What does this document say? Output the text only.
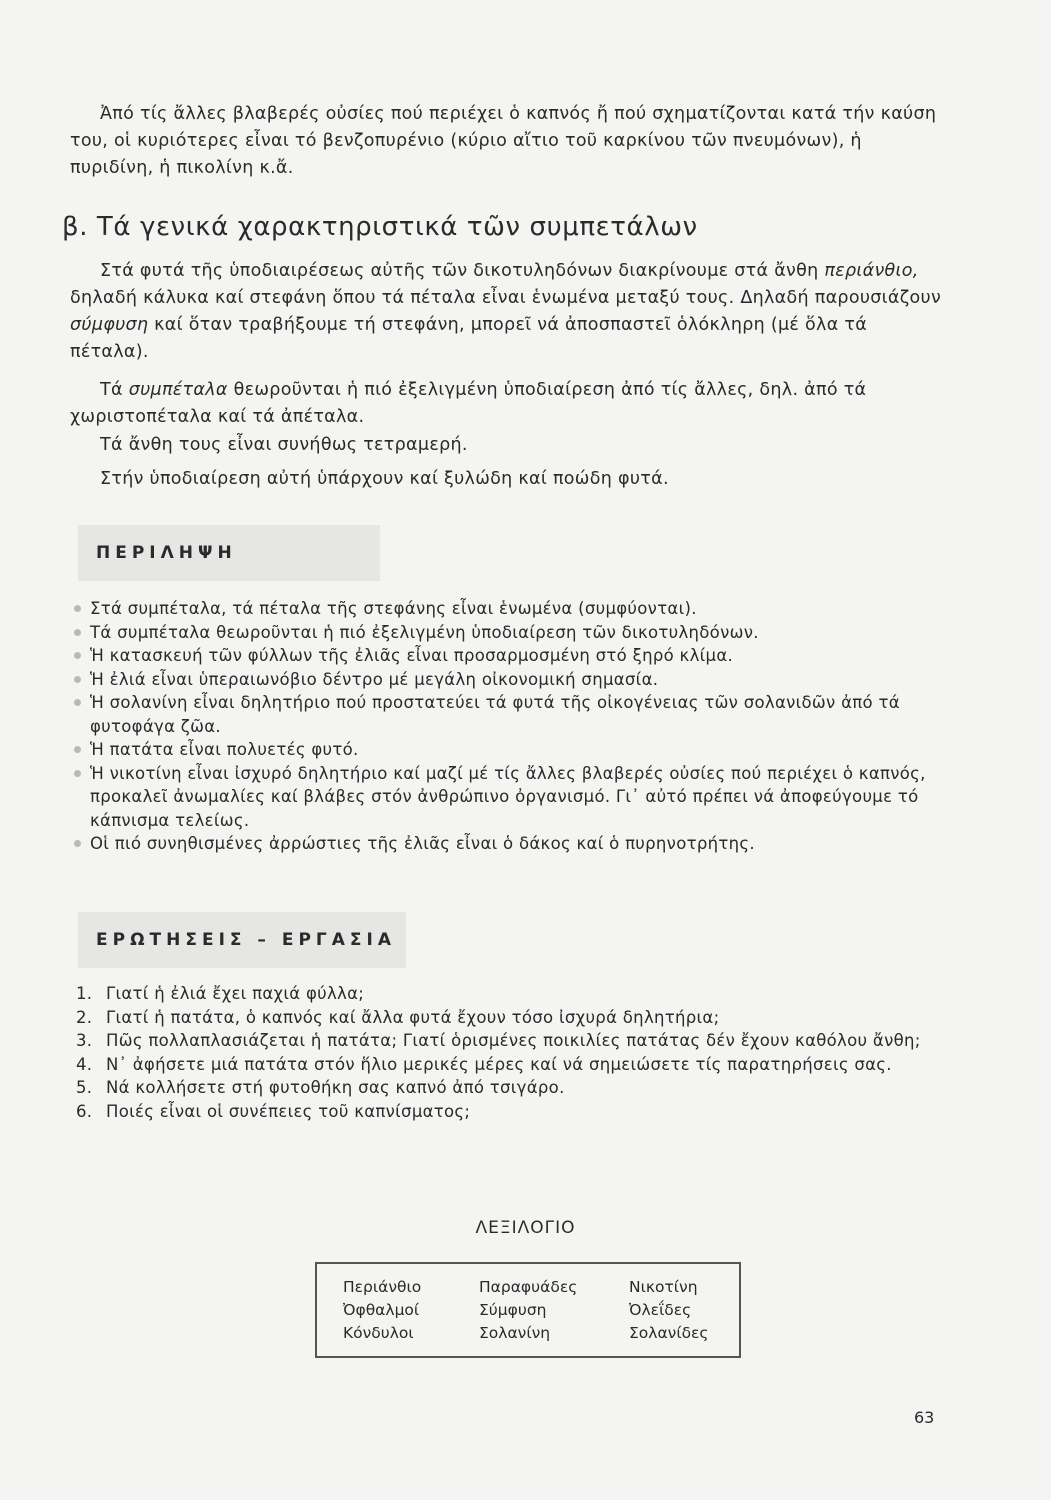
Ἀπό τίς ἄλλες βλαβερές οὐσίες πού περιέχει ὁ καπνός ἤ πού σχηματίζονται κατά τήν καύση του, οἱ κυριότερες εἶναι τό βενζοπυρένιο (κύριο αἴτιο τοῦ καρκίνου τῶν πνευμόνων), ἡ πυριδίνη, ἡ πικολίνη κ.ἄ.

β. Τά γενικά χαρακτηριστικά τῶν συμπετάλων

Στά φυτά τῆς ὑποδιαιρέσεως αὐτῆς τῶν δικοτυληδόνων διακρίνουμε στά ἄνθη περιάνθιο, δηλαδή κάλυκα καί στεφάνη ὅπου τά πέταλα εἶναι ἑνωμένα μεταξύ τους. Δηλαδή παρουσιάζουν σύμφυση καί ὅταν τραβήξουμε τή στεφάνη, μπορεῖ νά ἀποσπαστεῖ ὁλόκληρη (μέ ὅλα τά πέταλα).

Τά συμπέταλα θεωροῦνται ἡ πιό ἐξελιγμένη ὑποδιαίρεση ἀπό τίς ἄλλες, δηλ. ἀπό τά χωριστοπέταλα καί τά ἀπέταλα.

Τά ἄνθη τους εἶναι συνήθως τετραμερή.

Στήν ὑποδιαίρεση αὐτή ὑπάρχουν καί ξυλώδη καί ποώδη φυτά.

ΠΕΡΙΛΗΨΗ
Στά συμπέταλα, τά πέταλα τῆς στεφάνης εἶναι ἑνωμένα (συμφύονται).
Τά συμπέταλα θεωροῦνται ἡ πιό ἐξελιγμένη ὑποδιαίρεση τῶν δικοτυληδόνων.
Ἡ κατασκευή τῶν φύλλων τῆς ἐλιᾶς εἶναι προσαρμοσμένη στό ξηρό κλίμα.
Ἡ ἐλιά εἶναι ὑπεραιωνόβιο δέντρο μέ μεγάλη οἰκονομική σημασία.
Ἡ σολανίνη εἶναι δηλητήριο πού προστατεύει τά φυτά τῆς οἰκογένειας τῶν σολανιδῶν ἀπό τά φυτοφάγα ζῶα.
Ἡ πατάτα εἶναι πολυετές φυτό.
Ἡ νικοτίνη εἶναι ἰσχυρό δηλητήριο καί μαζί μέ τίς ἄλλες βλαβερές οὐσίες πού περιέχει ὁ καπνός, προκαλεῖ ἀνωμαλίες καί βλάβες στόν ἀνθρώπινο ὀργανισμό. Γι᾽ αὐτό πρέπει νά ἀποφεύγουμε τό κάπνισμα τελείως.
Οἱ πιό συνηθισμένες ἀρρώστιες τῆς ἐλιᾶς εἶναι ὁ δάκος καί ὁ πυρηνοτρήτης.
ΕΡΩΤΗΣΕΙΣ – ΕΡΓΑΣΙΑ
1. Γιατί ἡ ἐλιά ἔχει παχιά φύλλα;
2. Γιατί ἡ πατάτα, ὁ καπνός καί ἄλλα φυτά ἔχουν τόσο ἰσχυρά δηλητήρια;
3. Πῶς πολλαπλασιάζεται ἡ πατάτα; Γιατί ὁρισμένες ποικιλίες πατάτας δέν ἔχουν καθόλου ἄνθη;
4. Ν᾽ ἀφήσετε μιά πατάτα στόν ἥλιο μερικές μέρες καί νά σημειώσετε τίς παρατηρήσεις σας.
5. Νά κολλήσετε στή φυτοθήκη σας καπνό ἀπό τσιγάρο.
6. Ποιές εἶναι οἱ συνέπειες τοῦ καπνίσματος;
ΛΕΞΙΛΟΓΙΟ
Περιάνθιο
Ὀφθαλμοί
Κόνδυλοι
Παραφυάδες
Σύμφυση
Σολανίνη
Νικοτίνη
Ὀλεΐδες
Σολανίδες
63
